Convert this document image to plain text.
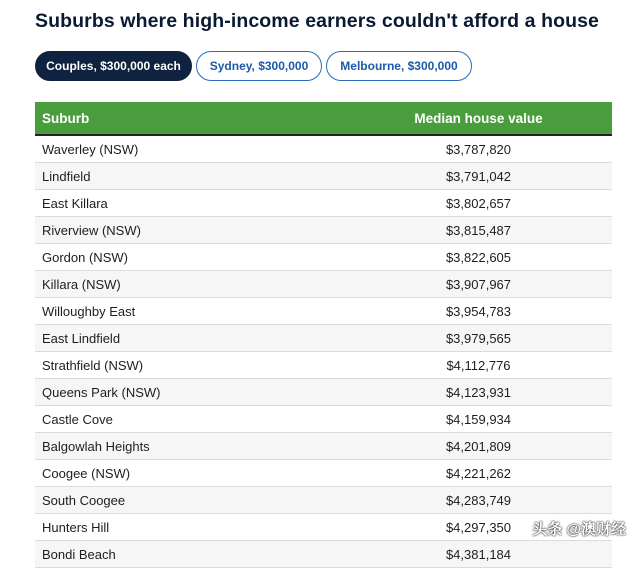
Suburbs where high-income earners couldn't afford a house
Couples, $300,000 each	Sydney, $300,000	Melbourne, $300,000
Suburb	Median house value
Waverley (NSW)	$3,787,820
Lindfield	$3,791,042
East Killara	$3,802,657
Riverview (NSW)	$3,815,487
Gordon (NSW)	$3,822,605
Killara (NSW)	$3,907,967
Willoughby East	$3,954,783
East Lindfield	$3,979,565
Strathfield (NSW)	$4,112,776
Queens Park (NSW)	$4,123,931
Castle Cove	$4,159,934
Balgowlah Heights	$4,201,809
Coogee (NSW)	$4,221,262
South Coogee	$4,283,749
Hunters Hill	$4,297,350
Bondi Beach	$4,381,184
头条 @澳财经
